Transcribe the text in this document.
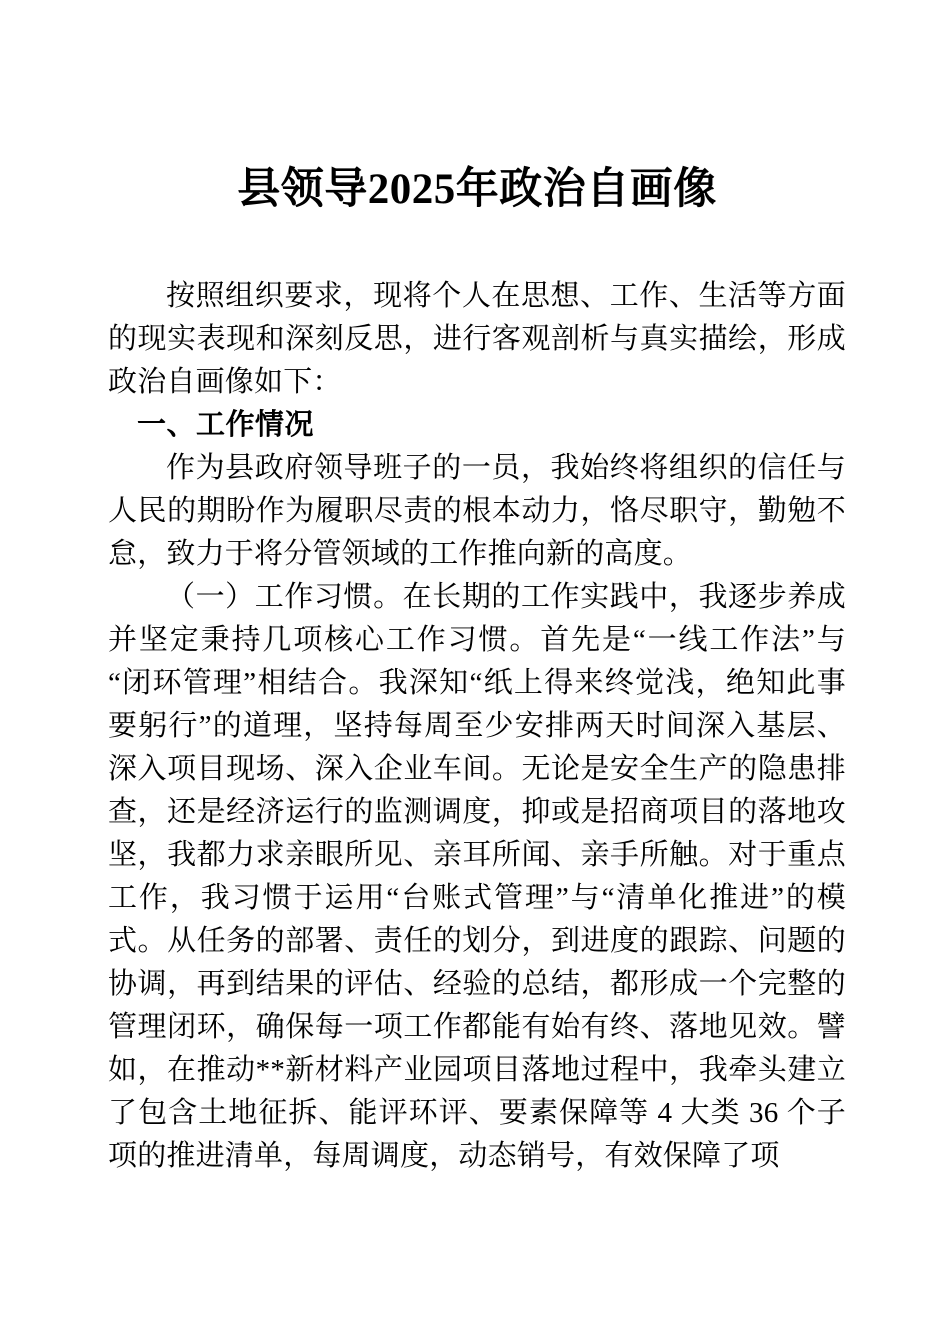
县领导2025年政治自画像

按照组织要求，现将个人在思想、工作、生活等方面的现实表现和深刻反思，进行客观剖析与真实描绘，形成政治自画像如下：

一、工作情况

作为县政府领导班子的一员，我始终将组织的信任与人民的期盼作为履职尽责的根本动力，恪尽职守，勤勉不怠，致力于将分管领域的工作推向新的高度。

（一）工作习惯。在长期的工作实践中，我逐步养成并坚定秉持几项核心工作习惯。首先是“一线工作法”与“闭环管理”相结合。我深知“纸上得来终觉浅，绝知此事要躬行”的道理，坚持每周至少安排两天时间深入基层、深入项目现场、深入企业车间。无论是安全生产的隐患排查，还是经济运行的监测调度，抑或是招商项目的落地攻坚，我都力求亲眼所见、亲耳所闻、亲手所触。对于重点工作，我习惯于运用“台账式管理”与“清单化推进”的模式。从任务的部署、责任的划分，到进度的跟踪、问题的协调，再到结果的评估、经验的总结，都形成一个完整的管理闭环，确保每一项工作都能有始有终、落地见效。譬如，在推动**新材料产业园项目落地过程中，我牵头建立了包含土地征拆、能评环评、要素保障等 4 大类 36 个子项的推进清单，每周调度，动态销号，有效保障了项
